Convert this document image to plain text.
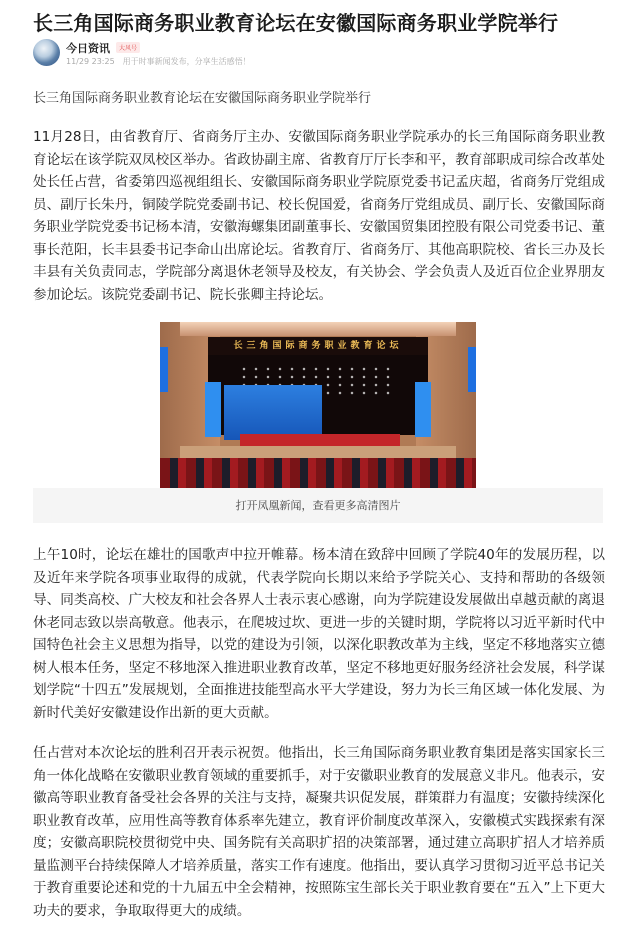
长三角国际商务职业教育论坛在安徽国际商务职业学院举行
今日资讯	大风号
11/29 23:25 用于时事新闻发布，分享生活感悟！
长三角国际商务职业教育论坛在安徽国际商务职业学院举行

11月28日，由省教育厅、省商务厅主办、安徽国际商务职业学院承办的长三角国际商务职业教育论坛在该学院双凤校区举办。省政协副主席、省教育厅厅长李和平，教育部职成司综合改革处处长任占营，省委第四巡视组组长、安徽国际商务职业学院原党委书记孟庆超，省商务厅党组成员、副厅长朱丹，铜陵学院党委副书记、校长倪国爱，省商务厅党组成员、副厅长、安徽国际商务职业学院党委书记杨本清，安徽海螺集团副董事长、安徽国贸集团控股有限公司党委书记、董事长范阳，长丰县委书记李命山出席论坛。省教育厅、省商务厅、其他高职院校、省长三办及长丰县有关负责同志，学院部分离退休老领导及校友，有关协会、学会负责人及近百位企业界朋友参加论坛。该院党委副书记、院长张卿主持论坛。

长三角国际商务职业教育论坛
打开凤凰新闻，查看更多高清图片

上午10时，论坛在雄壮的国歌声中拉开帷幕。杨本清在致辞中回顾了学院40年的发展历程，以及近年来学院各项事业取得的成就，代表学院向长期以来给予学院关心、支持和帮助的各级领导、同类高校、广大校友和社会各界人士表示衷心感谢，向为学院建设发展做出卓越贡献的离退休老同志致以崇高敬意。他表示，在爬坡过坎、更进一步的关键时期，学院将以习近平新时代中国特色社会主义思想为指导，以党的建设为引领，以深化职教改革为主线，坚定不移地落实立德树人根本任务，坚定不移地深入推进职业教育改革，坚定不移地更好服务经济社会发展，科学谋划学院“十四五”发展规划，全面推进技能型高水平大学建设，努力为长三角区域一体化发展、为新时代美好安徽建设作出新的更大贡献。

任占营对本次论坛的胜利召开表示祝贺。他指出，长三角国际商务职业教育集团是落实国家长三角一体化战略在安徽职业教育领域的重要抓手，对于安徽职业教育的发展意义非凡。他表示，安徽高等职业教育备受社会各界的关注与支持，凝聚共识促发展，群策群力有温度；安徽持续深化职业教育改革，应用性高等教育体系率先建立，教育评价制度改革深入，安徽模式实践探索有深度；安徽高职院校贯彻党中央、国务院有关高职扩招的决策部署，通过建立高职扩招人才培养质量监测平台持续保障人才培养质量，落实工作有速度。他指出，要认真学习贯彻习近平总书记关于教育重要论述和党的十九届五中全会精神，按照陈宝生部长关于职业教育要在“五入”上下更大功夫的要求，争取取得更大的成绩。
